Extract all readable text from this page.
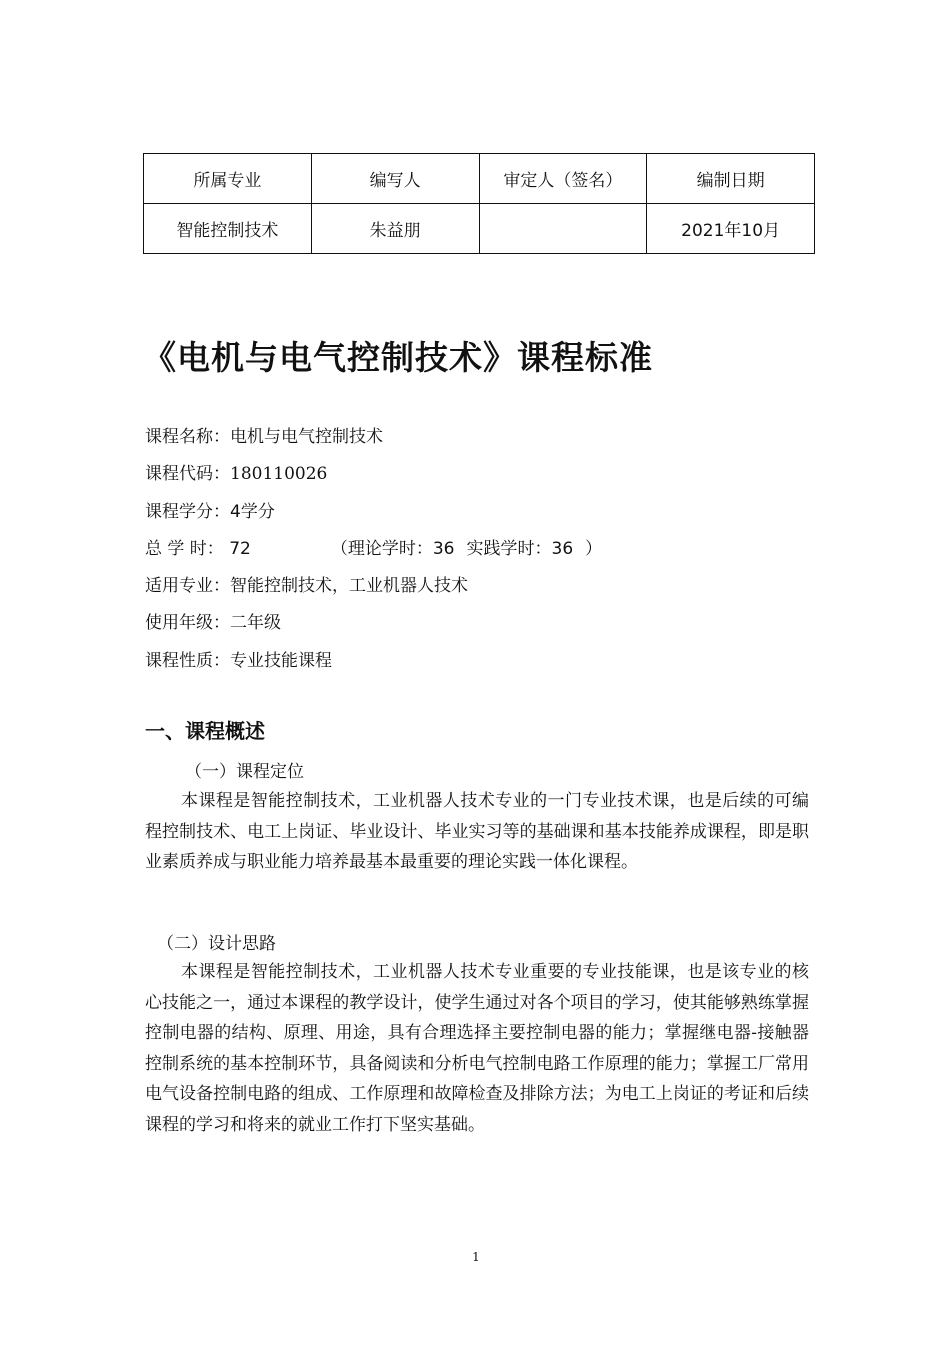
所属专业	编写人	审定人（签名）	编制日期
智能控制技术	朱益朋		2021年10月
《电机与电气控制技术》课程标准
课程名称：电机与电气控制技术
课程代码：180110026
课程学分：4学分
总 学 时： 72	（理论学时：36 实践学时：36 ）
适用专业：智能控制技术，工业机器人技术
使用年级：二年级
课程性质：专业技能课程
一、课程概述
（一）课程定位

本课程是智能控制技术，工业机器人技术专业的一门专业技术课，也是后续的可编程控制技术、电工上岗证、毕业设计、毕业实习等的基础课和基本技能养成课程，即是职业素质养成与职业能力培养最基本最重要的理论实践一体化课程。

（二）设计思路

本课程是智能控制技术，工业机器人技术专业重要的专业技能课，也是该专业的核心技能之一，通过本课程的教学设计，使学生通过对各个项目的学习，使其能够熟练掌握控制电器的结构、原理、用途，具有合理选择主要控制电器的能力；掌握继电器-接触器控制系统的基本控制环节，具备阅读和分析电气控制电路工作原理的能力；掌握工厂常用电气设备控制电路的组成、工作原理和故障检查及排除方法；为电工上岗证的考证和后续课程的学习和将来的就业工作打下坚实基础。

1
